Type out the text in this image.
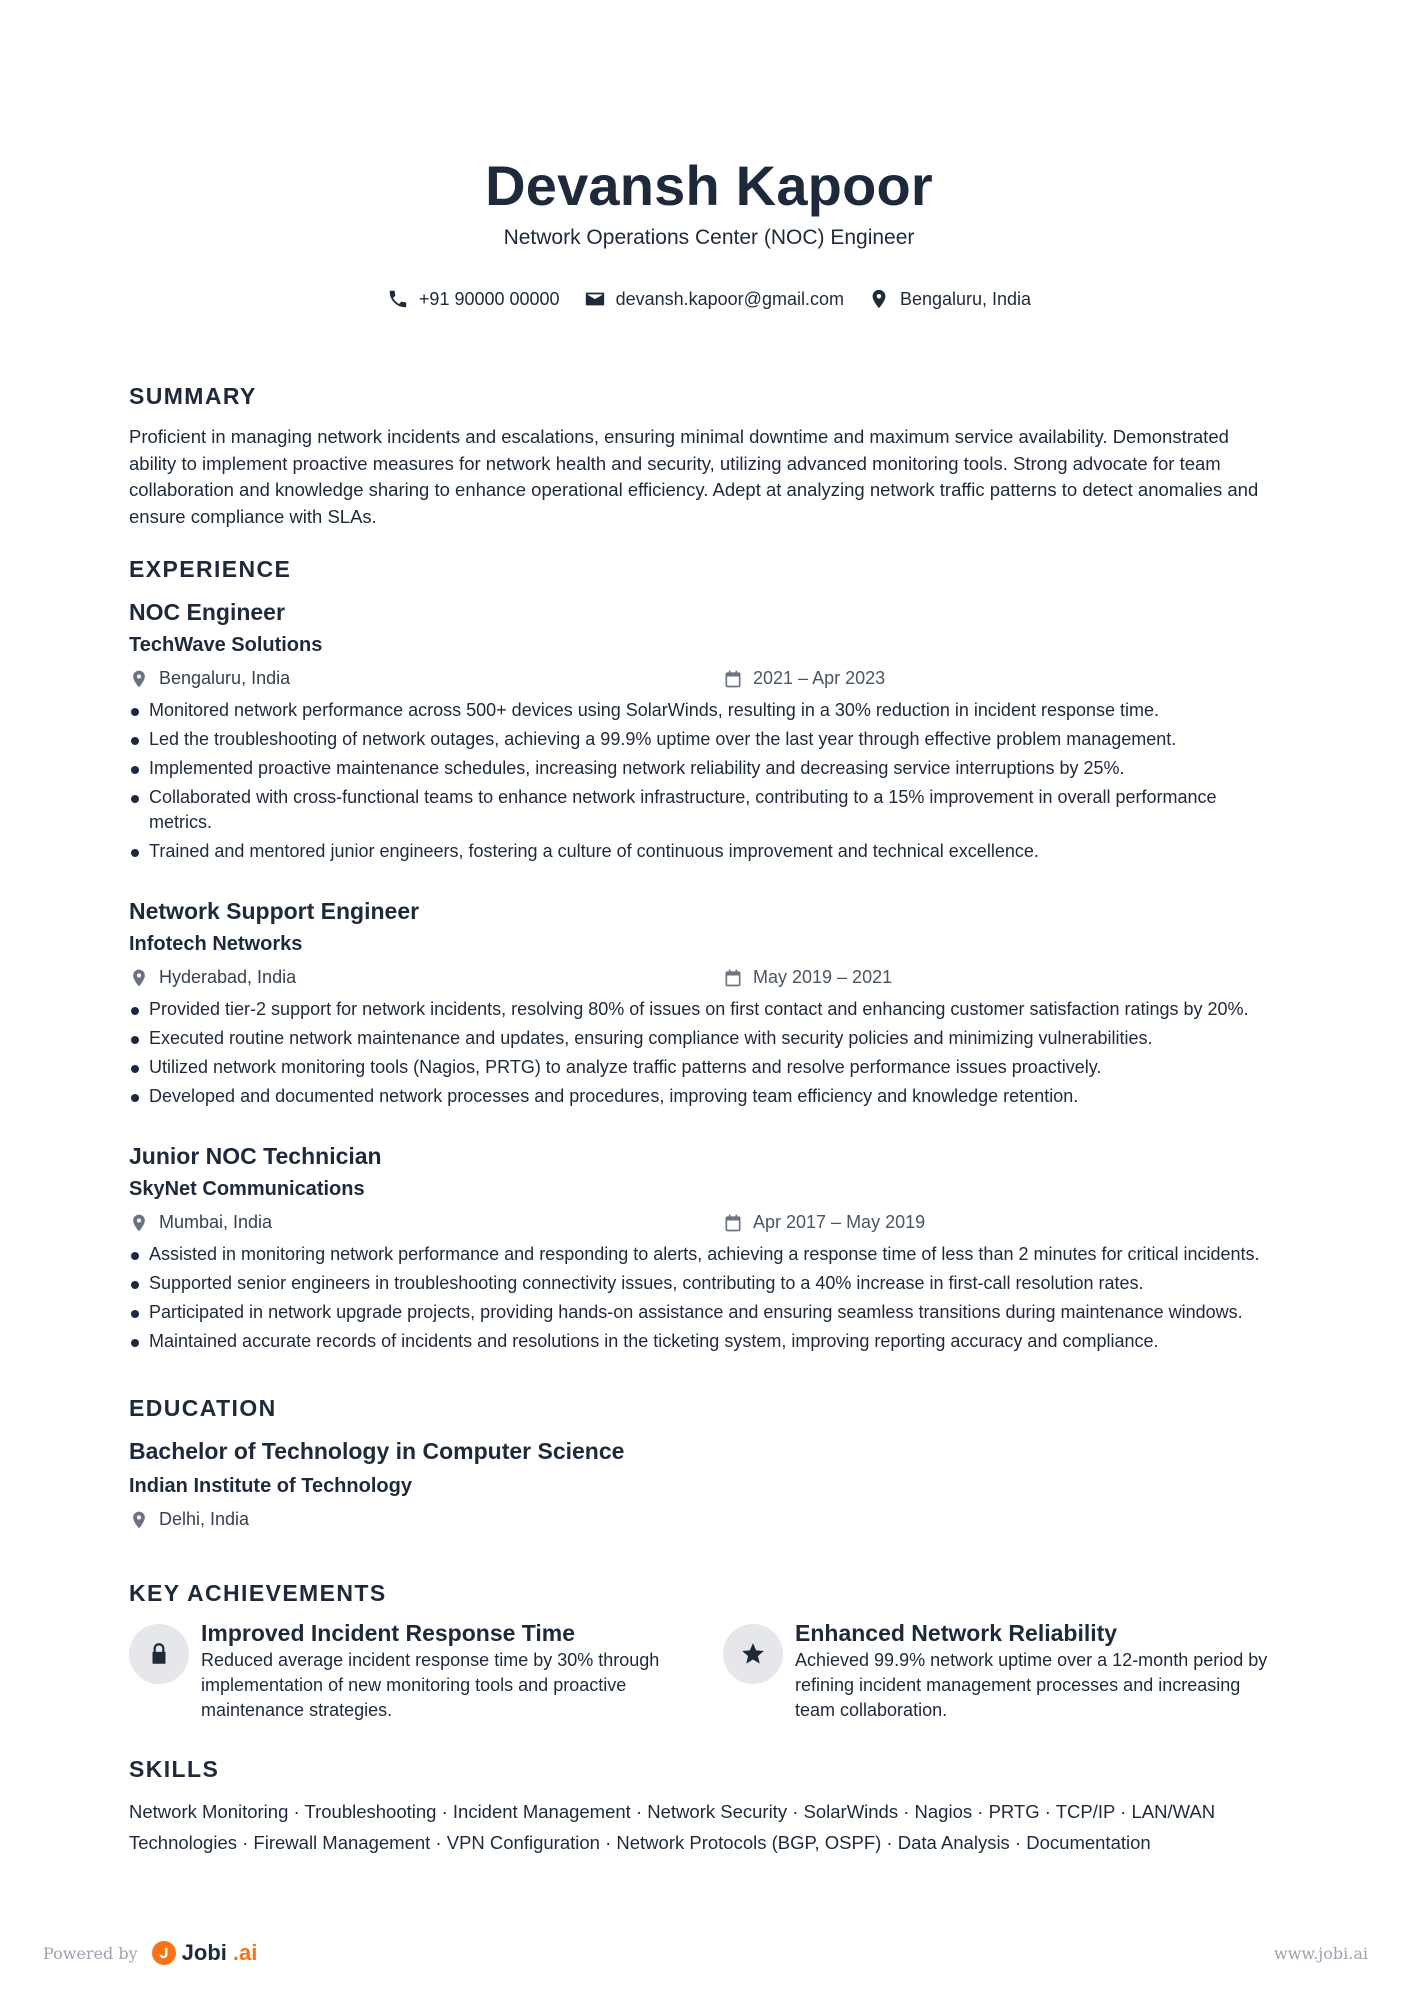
Devansh Kapoor
Network Operations Center (NOC) Engineer
+91 90000 00000	devansh.kapoor@gmail.com	Bengaluru, India
SUMMARY

Proficient in managing network incidents and escalations, ensuring minimal downtime and maximum service availability. Demonstrated ability to implement proactive measures for network health and security, utilizing advanced monitoring tools. Strong advocate for team collaboration and knowledge sharing to enhance operational efficiency. Adept at analyzing network traffic patterns to detect anomalies and ensure compliance with SLAs.

EXPERIENCE
NOC Engineer
TechWave Solutions
Bengaluru, India	2021 – Apr 2023
Monitored network performance across 500+ devices using SolarWinds, resulting in a 30% reduction in incident response time.
Led the troubleshooting of network outages, achieving a 99.9% uptime over the last year through effective problem management.
Implemented proactive maintenance schedules, increasing network reliability and decreasing service interruptions by 25%.
Collaborated with cross-functional teams to enhance network infrastructure, contributing to a 15% improvement in overall performance metrics.
Trained and mentored junior engineers, fostering a culture of continuous improvement and technical excellence.
Network Support Engineer
Infotech Networks
Hyderabad, India	May 2019 – 2021
Provided tier-2 support for network incidents, resolving 80% of issues on first contact and enhancing customer satisfaction ratings by 20%.
Executed routine network maintenance and updates, ensuring compliance with security policies and minimizing vulnerabilities.
Utilized network monitoring tools (Nagios, PRTG) to analyze traffic patterns and resolve performance issues proactively.
Developed and documented network processes and procedures, improving team efficiency and knowledge retention.
Junior NOC Technician
SkyNet Communications
Mumbai, India	Apr 2017 – May 2019
Assisted in monitoring network performance and responding to alerts, achieving a response time of less than 2 minutes for critical incidents.
Supported senior engineers in troubleshooting connectivity issues, contributing to a 40% increase in first-call resolution rates.
Participated in network upgrade projects, providing hands-on assistance and ensuring seamless transitions during maintenance windows.
Maintained accurate records of incidents and resolutions in the ticketing system, improving reporting accuracy and compliance.
EDUCATION
Bachelor of Technology in Computer Science
Indian Institute of Technology
Delhi, India
KEY ACHIEVEMENTS
Improved Incident Response Time
Reduced average incident response time by 30% through implementation of new monitoring tools and proactive maintenance strategies.
Enhanced Network Reliability
Achieved 99.9% network uptime over a 12-month period by refining incident management processes and increasing team collaboration.
SKILLS

Network Monitoring · Troubleshooting · Incident Management · Network Security · SolarWinds · Nagios · PRTG · TCP/IP · LAN/WAN Technologies · Firewall Management · VPN Configuration · Network Protocols (BGP, OSPF) · Data Analysis · Documentation

Powered by Jobi .ai	www.jobi.ai
